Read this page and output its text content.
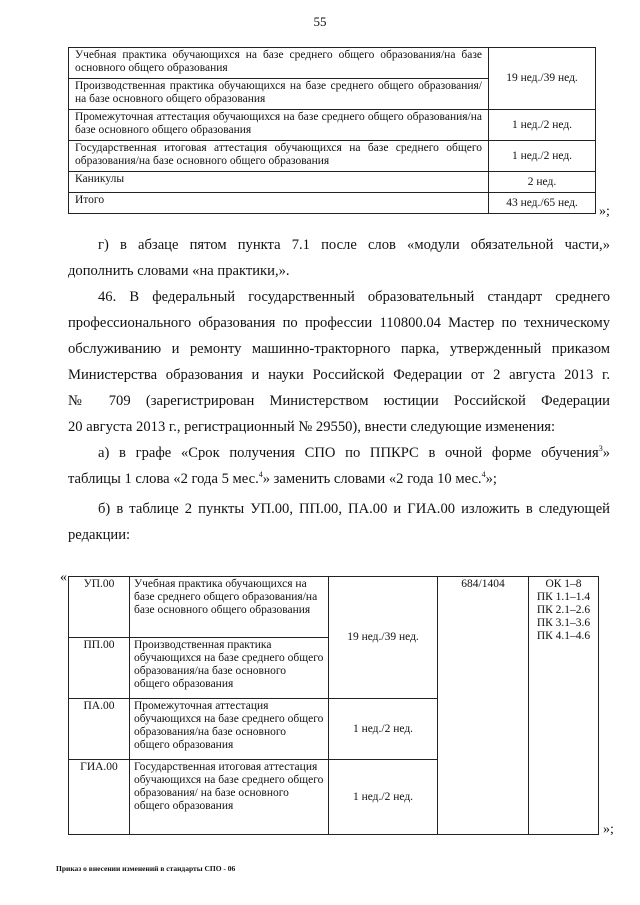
55
Учебная практика обучающихся на базе среднего общего образования/на базе основного общего образования	19 нед./39 нед.
Производственная практика обучающихся на базе среднего общего образования/на базе основного общего образования	
Промежуточная аттестация обучающихся на базе среднего общего образования/на базе основного общего образования	1 нед./2 нед.
Государственная итоговая аттестация обучающихся на базе среднего общего образования/на базе основного общего образования	1 нед./2 нед.
Каникулы	2 нед.
Итого	43 нед./65 нед.
»;
г) в абзаце пятом пункта 7.1 после слов «модули обязательной части,»
дополнить словами «на практики,».
46. В федеральный государственный образовательный стандарт среднего
профессионального образования по профессии 110800.04 Мастер по техническому
обслуживанию и ремонту машинно-тракторного парка, утвержденный приказом
Министерства образования и науки Российской Федерации от 2 августа 2013 г.
№ 709 (зарегистрирован Министерством юстиции Российской Федерации
20 августа 2013 г., регистрационный № 29550), внести следующие изменения:
а) в графе «Срок получения СПО по ППКРС в очной форме обучения$^3$»
таблицы 1 слова «2 года 5 мес.$^4$» заменить словами «2 года 10 мес.$^4$»;
б) в таблице 2 пункты УП.00, ПП.00, ПА.00 и ГИА.00 изложить в следующей
редакции:
« УП.00	Учебная практика обучающихся на базе среднего общего образования/на базе основного общего образования	19 нед./39 нед.	684/1404	ОК 1–8
ПК 1.1–1.4
ПК 2.1–2.6
ПК 3.1–3.6
ПК 4.1–4.6

ПП.00	Производственная практика обучающихся на базе среднего общего образования/на базе основного общего образования			
ПА.00	Промежуточная аттестация обучающихся на базе среднего общего образования/на базе основного общего образования	1 нед./2 нед.		
ГИА.00	Государственная итоговая аттестация обучающихся на базе среднего общего образования/ на базе основного общего образования	1 нед./2 нед.		
»;
Приказ о внесении изменений в стандарты СПО - 06
